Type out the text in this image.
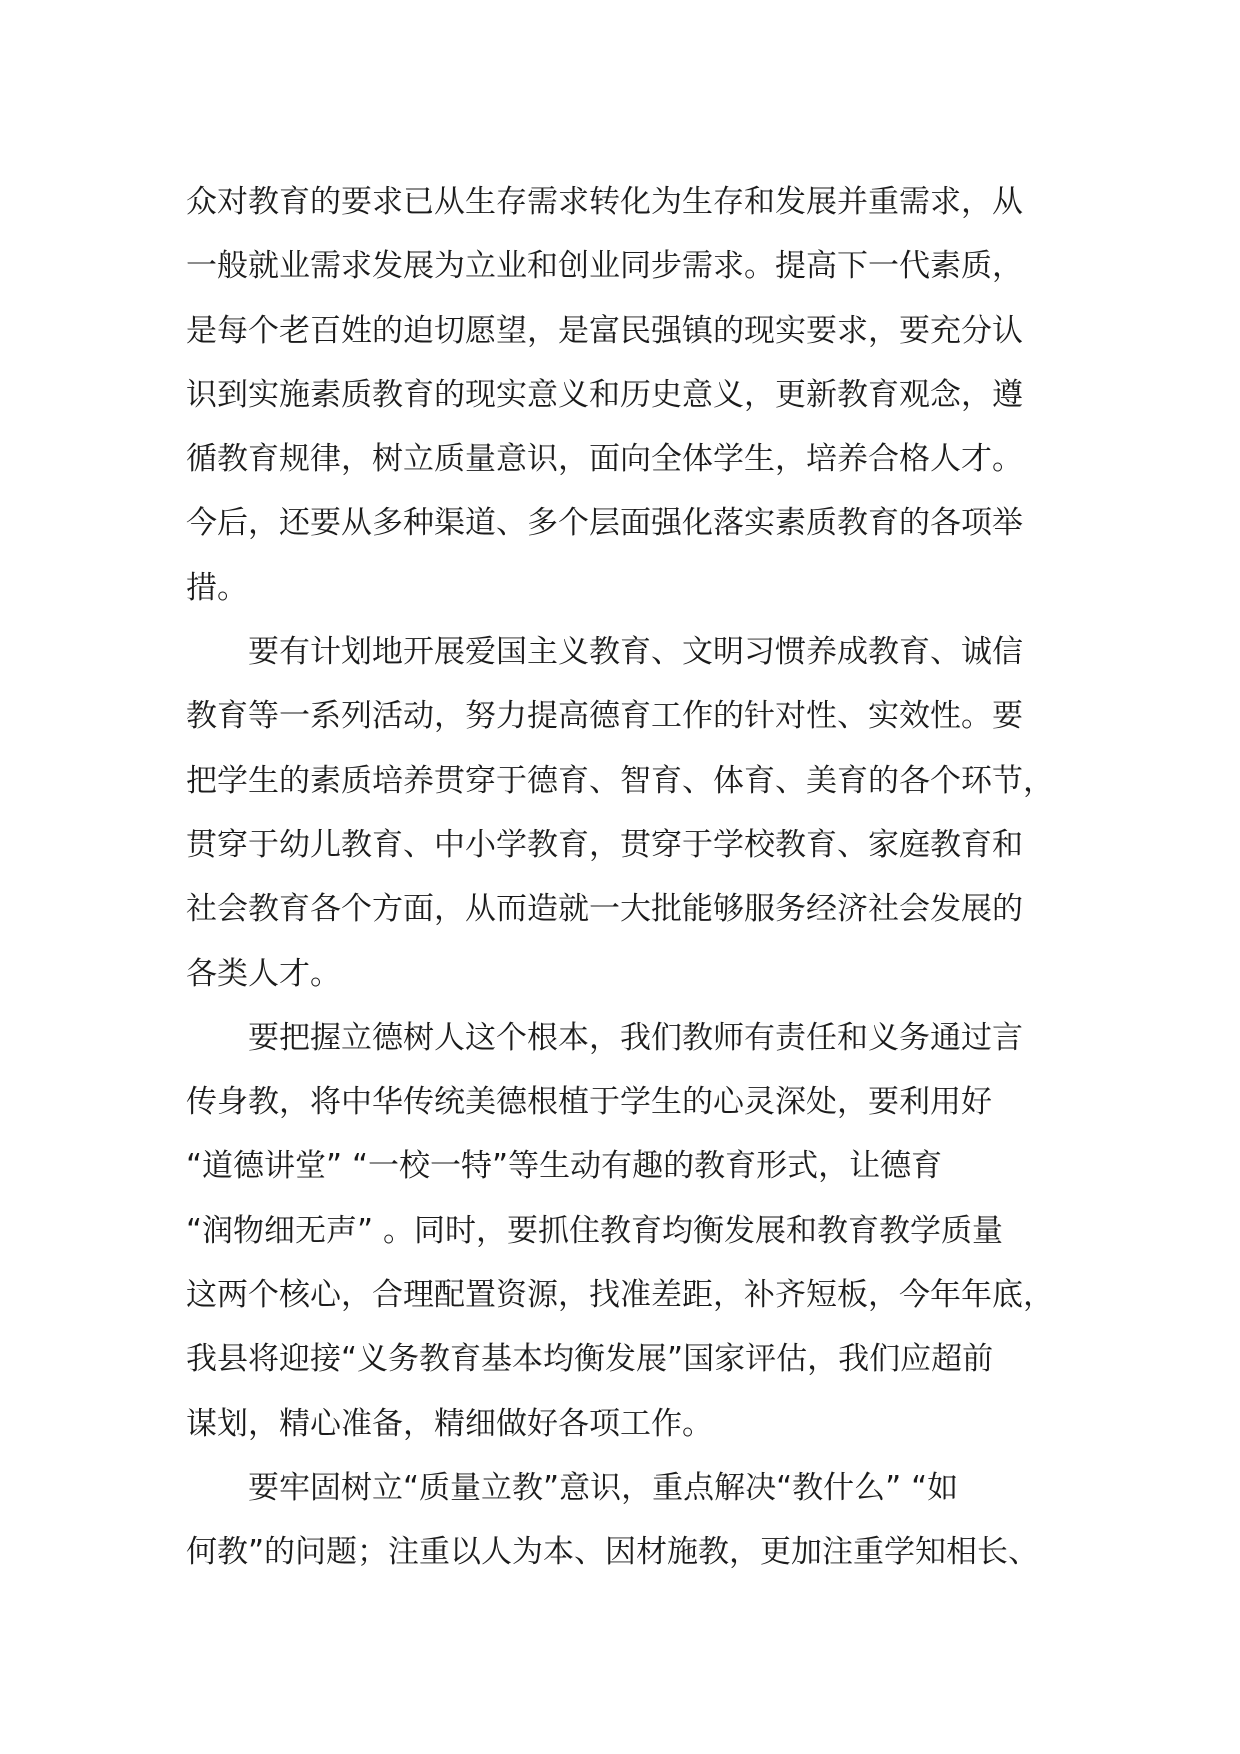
众对教育的要求已从生存需求转化为生存和发展并重需求，从
一般就业需求发展为立业和创业同步需求。提高下一代素质，
是每个老百姓的迫切愿望，是富民强镇的现实要求，要充分认
识到实施素质教育的现实意义和历史意义，更新教育观念，遵
循教育规律，树立质量意识，面向全体学生，培养合格人才。
今后，还要从多种渠道、多个层面强化落实素质教育的各项举
措。
要有计划地开展爱国主义教育、文明习惯养成教育、诚信
教育等一系列活动，努力提高德育工作的针对性、实效性。要
把学生的素质培养贯穿于德育、智育、体育、美育的各个环节，
贯穿于幼儿教育、中小学教育，贯穿于学校教育、家庭教育和
社会教育各个方面，从而造就一大批能够服务经济社会发展的
各类人才。
要把握立德树人这个根本，我们教师有责任和义务通过言
传身教，将中华传统美德根植于学生的心灵深处，要利用好
“道德讲堂” “一校一特”等生动有趣的教育形式，让德育
“润物细无声” 。同时，要抓住教育均衡发展和教育教学质量
这两个核心，合理配置资源，找准差距，补齐短板，今年年底，
我县将迎接“义务教育基本均衡发展”国家评估，我们应超前
谋划，精心准备，精细做好各项工作。
要牢固树立“质量立教”意识，重点解决“教什么” “如
何教”的问题；注重以人为本、因材施教，更加注重学知相长、
